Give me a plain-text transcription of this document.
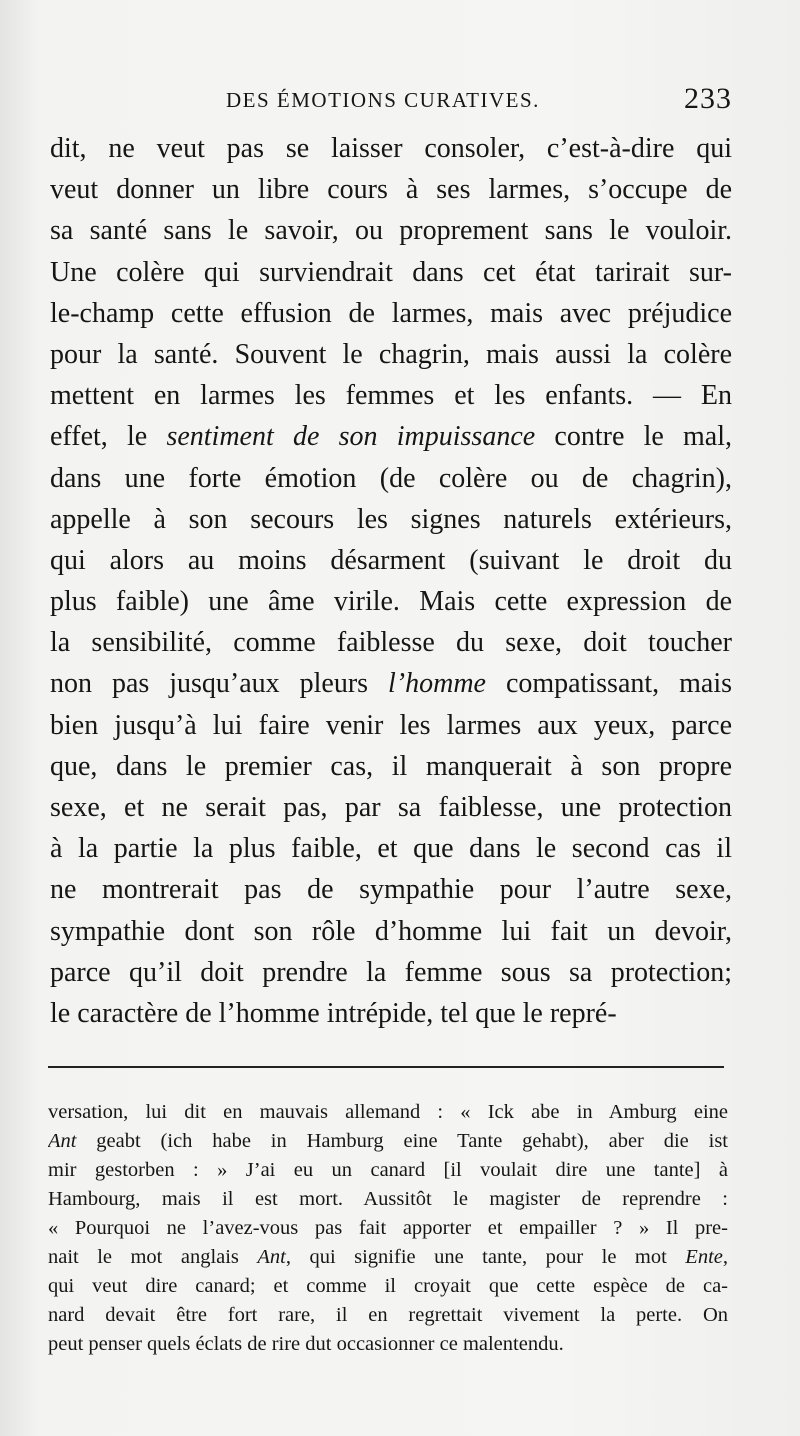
DES ÉMOTIONS CURATIVES.	233
dit, ne veut pas se laisser consoler, c’est-à-dire qui
veut donner un libre cours à ses larmes, s’occupe de
sa santé sans le savoir, ou proprement sans le vouloir.
Une colère qui surviendrait dans cet état tarirait sur-
le-champ cette effusion de larmes, mais avec préjudice
pour la santé. Souvent le chagrin, mais aussi la colère
mettent en larmes les femmes et les enfants. — En
effet, le sentiment de son impuissance contre le mal,
dans une forte émotion (de colère ou de chagrin),
appelle à son secours les signes naturels extérieurs,
qui alors au moins désarment (suivant le droit du
plus faible) une âme virile. Mais cette expression de
la sensibilité, comme faiblesse du sexe, doit toucher
non pas jusqu’aux pleurs l’homme compatissant, mais
bien jusqu’à lui faire venir les larmes aux yeux, parce
que, dans le premier cas, il manquerait à son propre
sexe, et ne serait pas, par sa faiblesse, une protection
à la partie la plus faible, et que dans le second cas il
ne montrerait pas de sympathie pour l’autre sexe,
sympathie dont son rôle d’homme lui fait un devoir,
parce qu’il doit prendre la femme sous sa protection;
le caractère de l’homme intrépide, tel que le repré-
versation, lui dit en mauvais allemand : « Ick abe in Amburg eine
Ant geabt (ich habe in Hamburg eine Tante gehabt), aber die ist
mir gestorben : » J’ai eu un canard [il voulait dire une tante] à
Hambourg, mais il est mort. Aussitôt le magister de reprendre :
« Pourquoi ne l’avez-vous pas fait apporter et empailler ? » Il pre-
nait le mot anglais Ant, qui signifie une tante, pour le mot Ente,
qui veut dire canard; et comme il croyait que cette espèce de ca-
nard devait être fort rare, il en regrettait vivement la perte. On
peut penser quels éclats de rire dut occasionner ce malentendu.
